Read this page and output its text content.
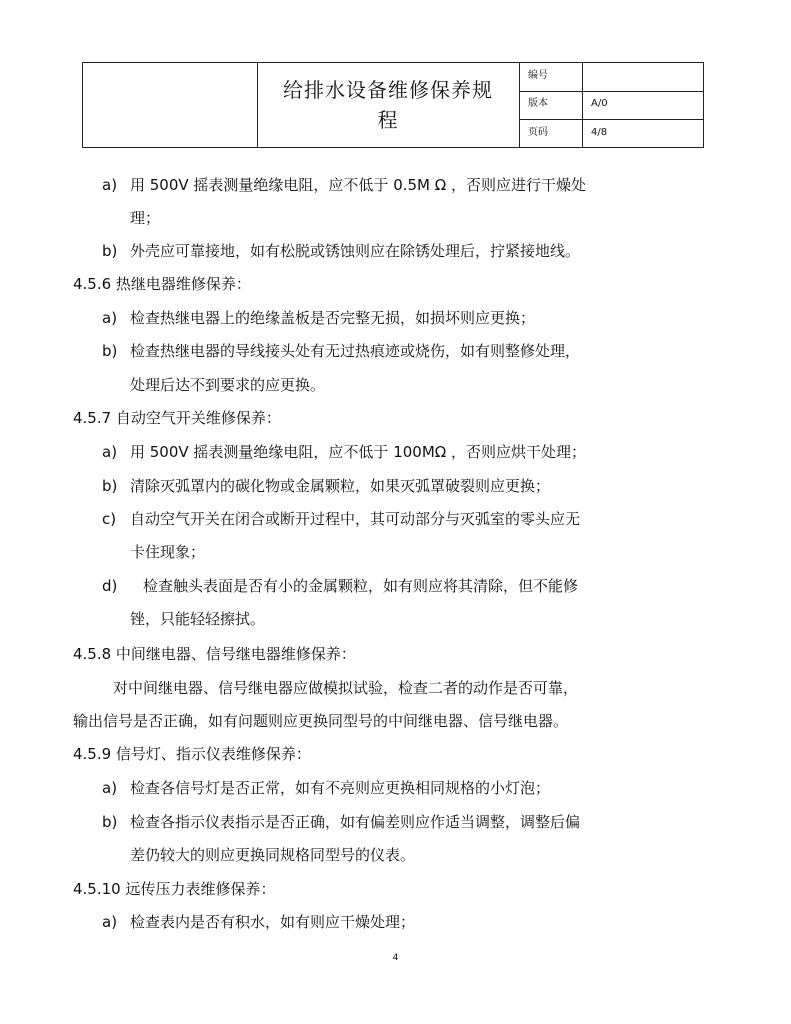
给排水设备维修保养规
程
编号
版本	A/0
页码	4/8
a) 用 500V 摇表测量绝缘电阻，应不低于 0.5M Ω ，否则应进行干燥处
理；
b) 外壳应可靠接地，如有松脱或锈蚀则应在除锈处理后，拧紧接地线。
4.5.6 热继电器维修保养：
a) 检查热继电器上的绝缘盖板是否完整无损，如损坏则应更换；
b) 检查热继电器的导线接头处有无过热痕迹或烧伤，如有则整修处理，
处理后达不到要求的应更换。
4.5.7 自动空气开关维修保养：
a) 用 500V 摇表测量绝缘电阻，应不低于 100MΩ ，否则应烘干处理；
b) 清除灭弧罩内的碳化物或金属颗粒，如果灭弧罩破裂则应更换；
c) 自动空气开关在闭合或断开过程中，其可动部分与灭弧室的零头应无
卡住现象；
d) 检查触头表面是否有小的金属颗粒，如有则应将其清除，但不能修
锉，只能轻轻擦拭。
4.5.8 中间继电器、信号继电器维修保养：
对中间继电器、信号继电器应做模拟试验，检查二者的动作是否可靠，
输出信号是否正确，如有问题则应更换同型号的中间继电器、信号继电器。
4.5.9 信号灯、指示仪表维修保养：
a) 检查各信号灯是否正常，如有不亮则应更换相同规格的小灯泡；
b) 检查各指示仪表指示是否正确，如有偏差则应作适当调整，调整后偏
差仍较大的则应更换同规格同型号的仪表。
4.5.10 远传压力表维修保养：
a) 检查表内是否有积水，如有则应干燥处理；
4
